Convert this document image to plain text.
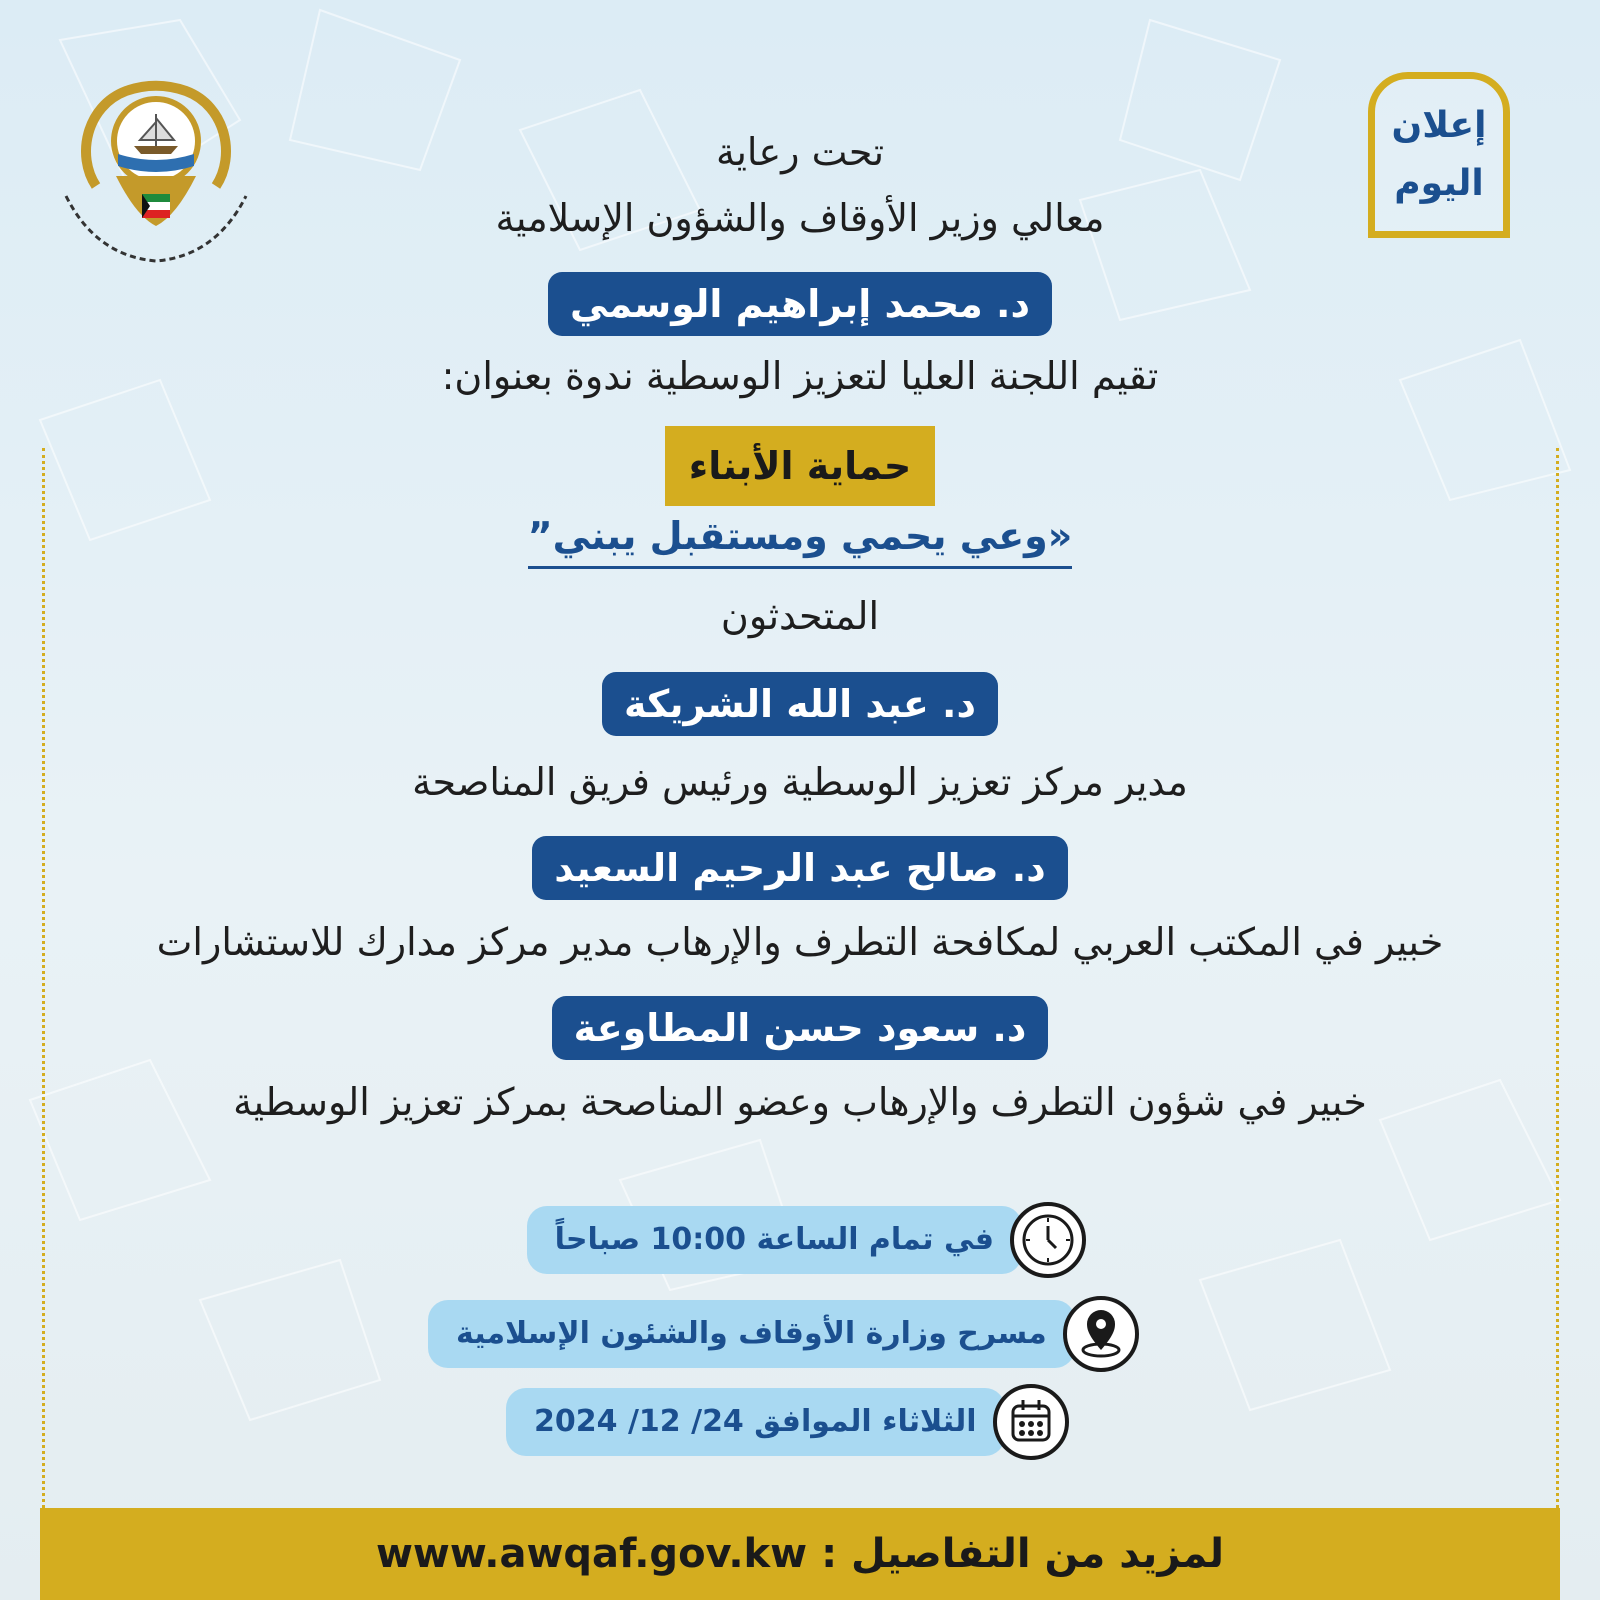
إعلان
اليوم
تحت رعاية
معالي وزير الأوقاف والشؤون الإسلامية
د. محمد إبراهيم الوسمي
تقيم اللجنة العليا لتعزيز الوسطية ندوة بعنوان:
حماية الأبناء
«وعي يحمي ومستقبل يبني”
المتحدثون
د. عبد الله الشريكة
مدير مركز تعزيز الوسطية ورئيس فريق المناصحة
د. صالح عبد الرحيم السعيد
خبير في المكتب العربي لمكافحة التطرف والإرهاب مدير مركز مدارك للاستشارات
د. سعود حسن المطاوعة
خبير في شؤون التطرف والإرهاب وعضو المناصحة بمركز تعزيز الوسطية
في تمام الساعة 10:00 صباحاً
مسرح وزارة الأوقاف والشئون الإسلامية
الثلاثاء الموافق 24/ 12/ 2024
لمزيد من التفاصيل :
www.awqaf.gov.kw
